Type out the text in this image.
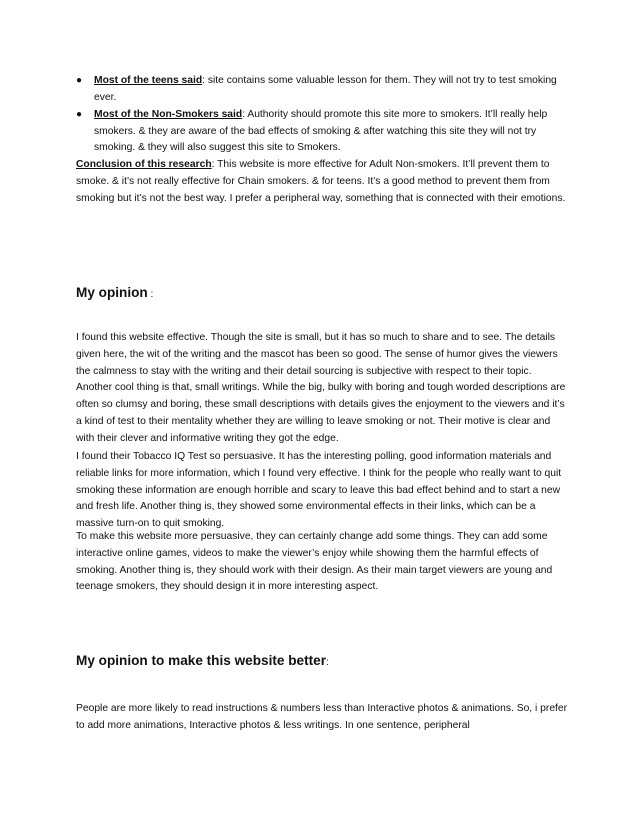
● Most of the teens said: site contains some valuable lesson for them. They will not try to test smoking ever.
● Most of the Non-Smokers said: Authority should promote this site more to smokers. It’ll really help smokers. & they are aware of the bad effects of smoking & after watching this site they will not try smoking. & they will also suggest this site to Smokers.

Conclusion of this research: This website is more effective for Adult Non-smokers. It’ll prevent them to smoke. & it’s not really effective for Chain smokers. & for teens. It’s a good method to prevent them from smoking but it’s not the best way. I prefer a peripheral way, something that is connected with their emotions.

My opinion :

I found this website effective. Though the site is small, but it has so much to share and to see. The details given here, the wit of the writing and the mascot has been so good. The sense of humor gives the viewers the calmness to stay with the writing and their detail sourcing is subjective with respect to their topic. Another cool thing is that, small writings. While the big, bulky with boring and tough worded descriptions are often so clumsy and boring, these small descriptions with details gives the enjoyment to the viewers and it’s a kind of test to their mentality whether they are willing to leave smoking or not. Their motive is clear and with their clever and informative writing they got the edge.

I found their Tobacco IQ Test so persuasive. It has the interesting polling, good information materials and reliable links for more information, which I found very effective. I think for the people who really want to quit smoking these information are enough horrible and scary to leave this bad effect behind and to start a new and fresh life. Another thing is, they showed some environmental effects in their links, which can be a massive turn-on to quit smoking.

To make this website more persuasive, they can certainly change add some things. They can add some interactive online games, videos to make the viewer’s enjoy while showing them the harmful effects of smoking. Another thing is, they should work with their design. As their main target viewers are young and teenage smokers, they should design it in more interesting aspect.

My opinion to make this website better:

People are more likely to read instructions & numbers less than Interactive photos & animations. So, i prefer to add more animations, Interactive photos & less writings. In one sentence, peripheral
